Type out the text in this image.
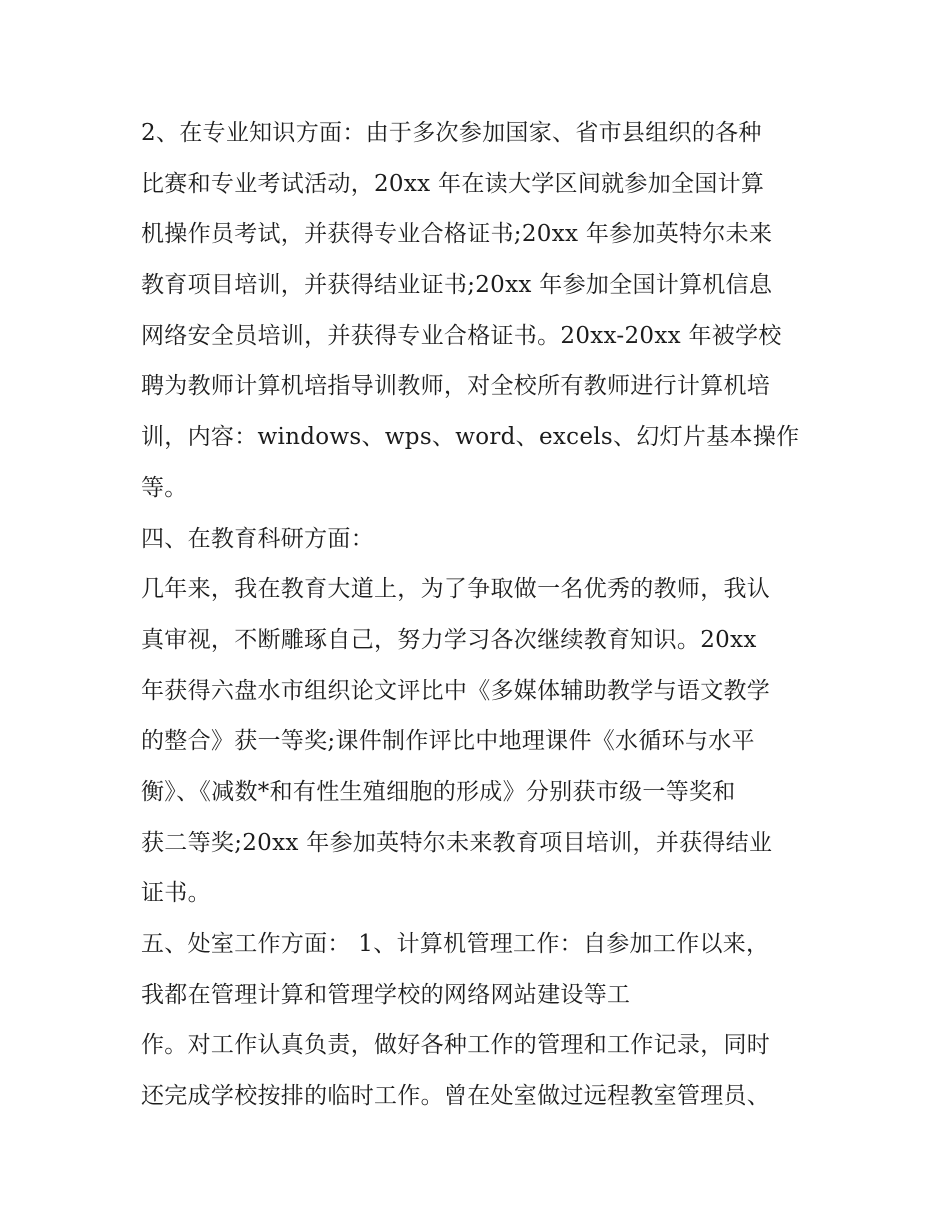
2、在专业知识方面：由于多次参加国家、省市县组织的各种
比赛和专业考试活动，20xx 年在读大学区间就参加全国计算
机操作员考试，并获得专业合格证书;20xx 年参加英特尔未来
教育项目培训，并获得结业证书;20xx 年参加全国计算机信息
网络安全员培训，并获得专业合格证书。20xx-20xx 年被学校
聘为教师计算机培指导训教师，对全校所有教师进行计算机培
训，内容：windows、wps、word、excels、幻灯片基本操作
等。
四、在教育科研方面：
几年来，我在教育大道上，为了争取做一名优秀的教师，我认
真审视，不断雕琢自己，努力学习各次继续教育知识。20xx
年获得六盘水市组织论文评比中《多媒体辅助教学与语文教学
的整合》获一等奖;课件制作评比中地理课件《水循环与水平
衡》、《减数*和有性生殖细胞的形成》分别获市级一等奖和
获二等奖;20xx 年参加英特尔未来教育项目培训，并获得结业
证书。
五、处室工作方面： 1、计算机管理工作：自参加工作以来，
我都在管理计算和管理学校的网络网站建设等工
作。对工作认真负责，做好各种工作的管理和工作记录，同时
还完成学校按排的临时工作。曾在处室做过远程教室管理员、
